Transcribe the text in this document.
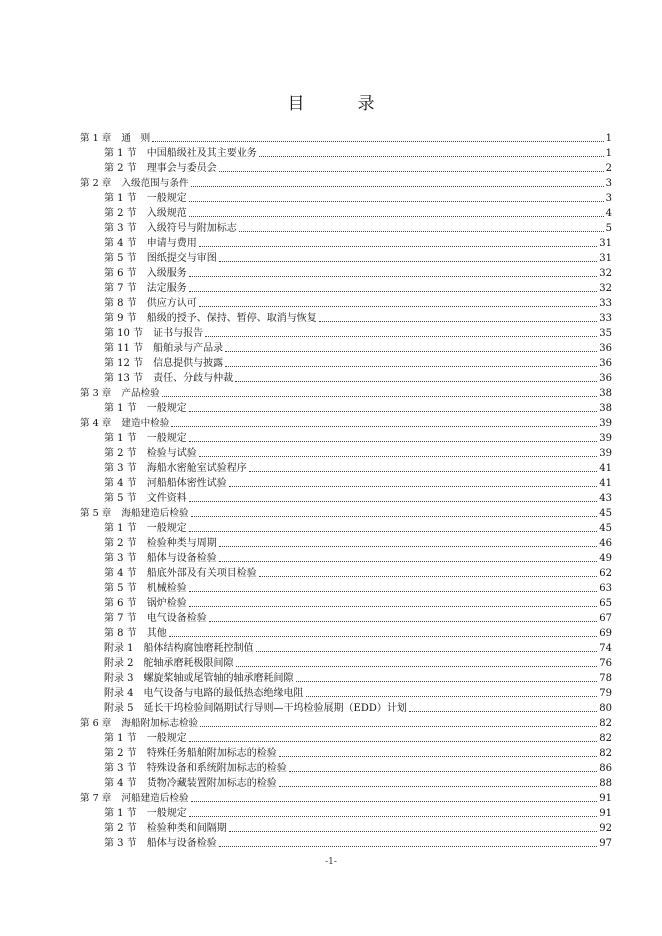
目　录
第 1 章 通　则	1
第 1 节 中国船级社及其主要业务	1
第 2 节 理事会与委员会	2
第 2 章 入级范围与条件	3
第 1 节 一般规定	3
第 2 节 入级规范	4
第 3 节 入级符号与附加标志	5
第 4 节 申请与费用	31
第 5 节 图纸提交与审图	31
第 6 节 入级服务	32
第 7 节 法定服务	32
第 8 节 供应方认可	33
第 9 节 船级的授予、保持、暂停、取消与恢复	33
第 10 节 证书与报告	35
第 11 节 船舶录与产品录	36
第 12 节 信息提供与披露	36
第 13 节 责任、分歧与仲裁	36
第 3 章 产品检验	38
第 1 节 一般规定	38
第 4 章 建造中检验	39
第 1 节 一般规定	39
第 2 节 检验与试验	39
第 3 节 海船水密舱室试验程序	41
第 4 节 河船船体密性试验	41
第 5 节 文件资料	43
第 5 章 海船建造后检验	45
第 1 节 一般规定	45
第 2 节 检验种类与周期	46
第 3 节 船体与设备检验	49
第 4 节 船底外部及有关项目检验	62
第 5 节 机械检验	63
第 6 节 锅炉检验	65
第 7 节 电气设备检验	67
第 8 节 其他	69
附录 1 船体结构腐蚀磨耗控制值	74
附录 2 舵轴承磨耗极限间隙	76
附录 3 螺旋桨轴或尾管轴的轴承磨耗间隙	78
附录 4 电气设备与电路的最低热态绝缘电阻	79
附录 5 延长干坞检验间隔期试行导则—干坞检验展期（EDD）计划	80
第 6 章 海船附加标志检验	82
第 1 节 一般规定	82
第 2 节 特殊任务船舶附加标志的检验	82
第 3 节 特殊设备和系统附加标志的检验	86
第 4 节 货物冷藏装置附加标志的检验	88
第 7 章 河船建造后检验	91
第 1 节 一般规定	91
第 2 节 检验种类和间隔期	92
第 3 节 船体与设备检验	97
-1-
